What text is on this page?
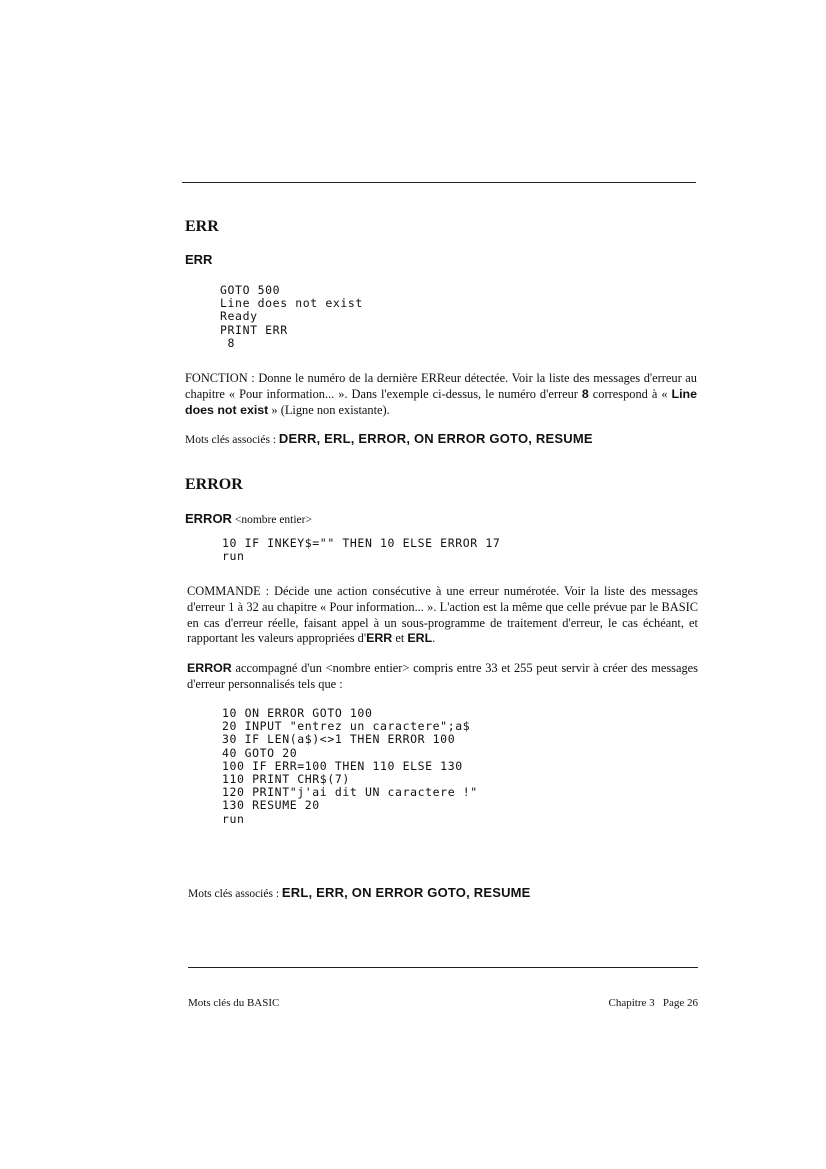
ERR
ERR
GOTO 500
Line does not exist
Ready
PRINT ERR
8
FONCTION : Donne le numéro de la dernière ERReur détectée. Voir la liste des messages d'erreur au chapitre « Pour information... ». Dans l'exemple ci-dessus, le numéro d'erreur 8 correspond à « Line does not exist » (Ligne non existante).
Mots clés associés : DERR, ERL, ERROR, ON ERROR GOTO, RESUME
ERROR
ERROR <nombre entier>
10 IF INKEY$="" THEN 10 ELSE ERROR 17
run
COMMANDE : Décide une action consécutive à une erreur numérotée. Voir la liste des messages d'erreur 1 à 32 au chapitre « Pour information... ». L'action est la même que celle prévue par le BASIC en cas d'erreur réelle, faisant appel à un sous-programme de traitement d'erreur, le cas échéant, et rapportant les valeurs appropriées d'ERR et ERL.
ERROR accompagné d'un <nombre entier> compris entre 33 et 255 peut servir à créer des messages d'erreur personnalisés tels que :
10 ON ERROR GOTO 100
20 INPUT "entrez un caractere";a$
30 IF LEN(a$)<>1 THEN ERROR 100
40 GOTO 20
100 IF ERR=100 THEN 110 ELSE 130
110 PRINT CHR$(7)
120 PRINT"j'ai dit UN caractere !"
130 RESUME 20
run
Mots clés associés : ERL, ERR, ON ERROR GOTO, RESUME
Mots clés du BASIC	Chapitre 3   Page 26
